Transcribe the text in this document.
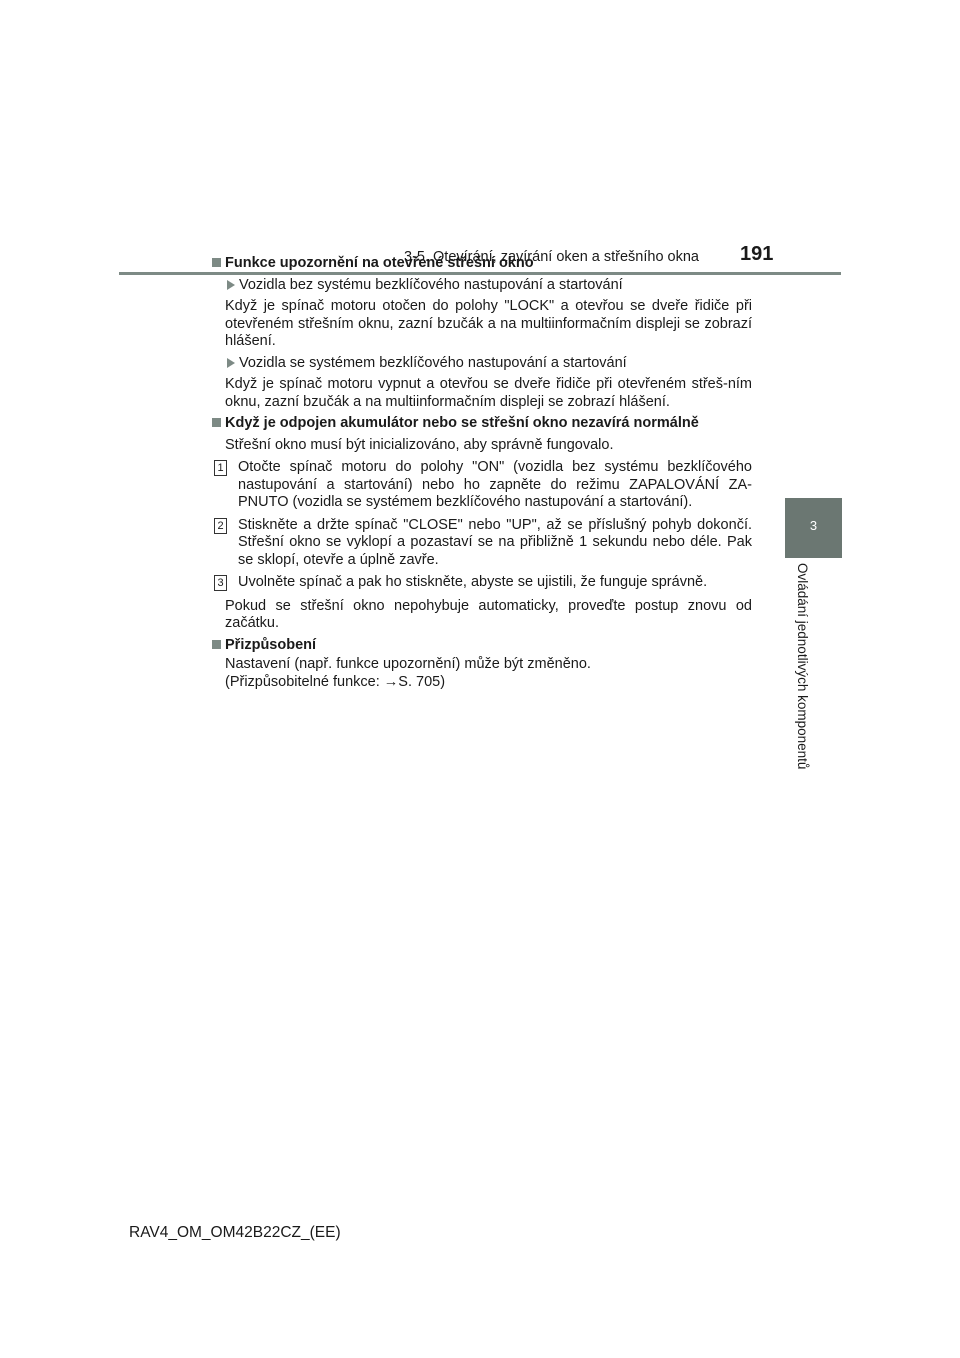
3-5. Otevírání, zavírání oken a střešního okna 191
3
Ovládání jednotlivých komponentů

Funkce upozornění na otevřené střešní okno

Vozidla bez systému bezklíčového nastupování a startování

Když je spínač motoru otočen do polohy "LOCK" a otevřou se dveře řidiče při otevřeném střešním oknu, zazní bzučák a na multiinformačním displeji se zobrazí hlášení.

Vozidla se systémem bezklíčového nastupování a startování

Když je spínač motoru vypnut a otevřou se dveře řidiče při otevřeném střeš-ním oknu, zazní bzučák a na multiinformačním displeji se zobrazí hlášení.

Když je odpojen akumulátor nebo se střešní okno nezavírá normálně

Střešní okno musí být inicializováno, aby správně fungovalo.

1 Otočte spínač motoru do polohy "ON" (vozidla bez systému bezklíčového nastupování a startování) nebo ho zapněte do režimu ZAPALOVÁNÍ ZA-PNUTO (vozidla se systémem bezklíčového nastupování a startování).

2 Stiskněte a držte spínač "CLOSE" nebo "UP", až se příslušný pohyb dokončí. Střešní okno se vyklopí a pozastaví se na přibližně 1 sekundu nebo déle. Pak se sklopí, otevře a úplně zavře.

3 Uvolněte spínač a pak ho stiskněte, abyste se ujistili, že funguje správně.

Pokud se střešní okno nepohybuje automaticky, proveďte postup znovu od začátku.

Přizpůsobení

Nastavení (např. funkce upozornění) může být změněno.

(Přizpůsobitelné funkce: →S. 705)

RAV4_OM_OM42B22CZ_(EE)
